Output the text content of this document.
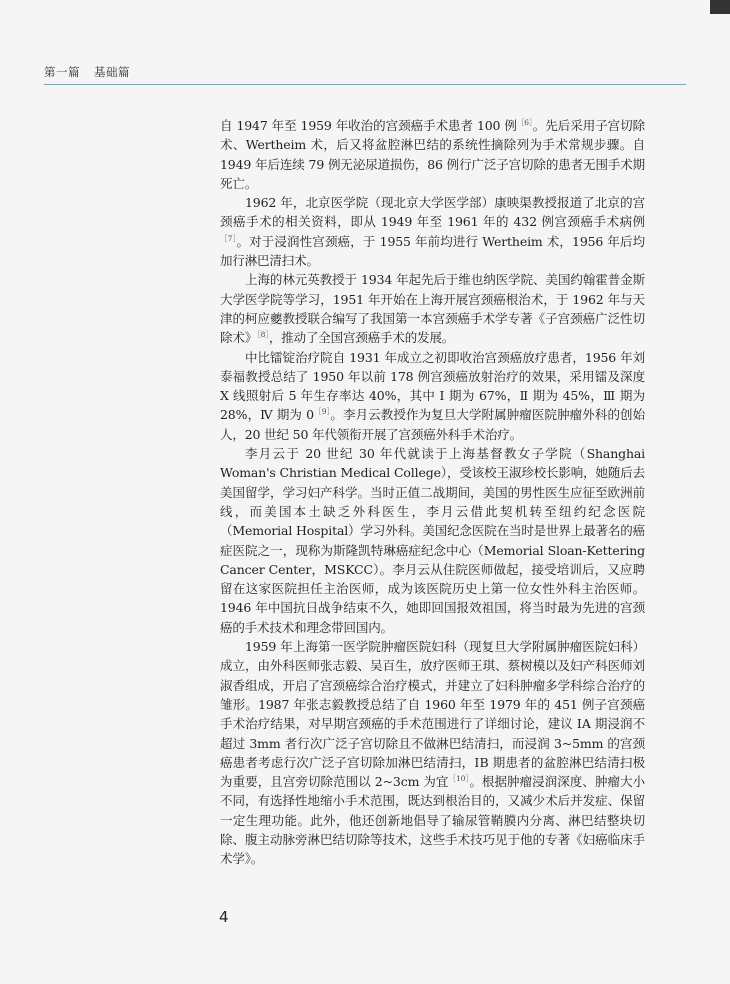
第一篇 基础篇

自 1947 年至 1959 年收治的宫颈癌手术患者 100 例$^{[6]}$。先后采用子宫切除术、Wertheim 术，后又将盆腔淋巴结的系统性摘除列为手术常规步骤。自 1949 年后连续 79 例无泌尿道损伤，86 例行广泛子宫切除的患者无围手术期死亡。

1962 年，北京医学院（现北京大学医学部）康映渠教授报道了北京的宫颈癌手术的相关资料，即从 1949 年至 1961 年的 432 例宫颈癌手术病例$^{[7]}$。对于浸润性宫颈癌，于 1955 年前均进行 Wertheim 术，1956 年后均加行淋巴清扫术。

上海的林元英教授于 1934 年起先后于维也纳医学院、美国约翰霍普金斯大学医学院等学习，1951 年开始在上海开展宫颈癌根治术，于 1962 年与天津的柯应夔教授联合编写了我国第一本宫颈癌手术学专著《子宫颈癌广泛性切除术》$^{[8]}$，推动了全国宫颈癌手术的发展。

中比镭锭治疗院自 1931 年成立之初即收治宫颈癌放疗患者，1956 年刘泰福教授总结了 1950 年以前 178 例宫颈癌放射治疗的效果，采用镭及深度 X 线照射后 5 年生存率达 40%，其中 Ⅰ 期为 67%，Ⅱ 期为 45%，Ⅲ 期为 28%，Ⅳ 期为 0$^{[9]}$。李月云教授作为复旦大学附属肿瘤医院肿瘤外科的创始人，20 世纪 50 年代领衔开展了宫颈癌外科手术治疗。

李月云于 20 世纪 30 年代就读于上海基督教女子学院（Shanghai Woman's Christian Medical College），受该校王淑珍校长影响，她随后去美国留学，学习妇产科学。当时正值二战期间，美国的男性医生应征至欧洲前线，而美国本土缺乏外科医生，李月云借此契机转至纽约纪念医院（Memorial Hospital）学习外科。美国纪念医院在当时是世界上最著名的癌症医院之一，现称为斯隆凯特琳癌症纪念中心（Memorial Sloan-Kettering Cancer Center，MSKCC）。李月云从住院医师做起，接受培训后，又应聘留在这家医院担任主治医师，成为该医院历史上第一位女性外科主治医师。1946 年中国抗日战争结束不久，她即回国报效祖国，将当时最为先进的宫颈癌的手术技术和理念带回国内。

1959 年上海第一医学院肿瘤医院妇科（现复旦大学附属肿瘤医院妇科）成立，由外科医师张志毅、吴百生，放疗医师王琪、蔡树模以及妇产科医师刘淑香组成，开启了宫颈癌综合治疗模式，并建立了妇科肿瘤多学科综合治疗的雏形。1987 年张志毅教授总结了自 1960 年至 1979 年的 451 例子宫颈癌手术治疗结果，对早期宫颈癌的手术范围进行了详细讨论，建议 ⅠA 期浸润不超过 3mm 者行次广泛子宫切除且不做淋巴结清扫，而浸润 3~5mm 的宫颈癌患者考虑行次广泛子宫切除加淋巴结清扫，ⅠB 期患者的盆腔淋巴结清扫极为重要，且宫旁切除范围以 2~3cm 为宜$^{[10]}$。根据肿瘤浸润深度、肿瘤大小不同，有选择性地缩小手术范围，既达到根治目的，又减少术后并发症、保留一定生理功能。此外，他还创新地倡导了输尿管鞘膜内分离、淋巴结整块切除、腹主动脉旁淋巴结切除等技术，这些手术技巧见于他的专著《妇癌临床手术学》。

4
